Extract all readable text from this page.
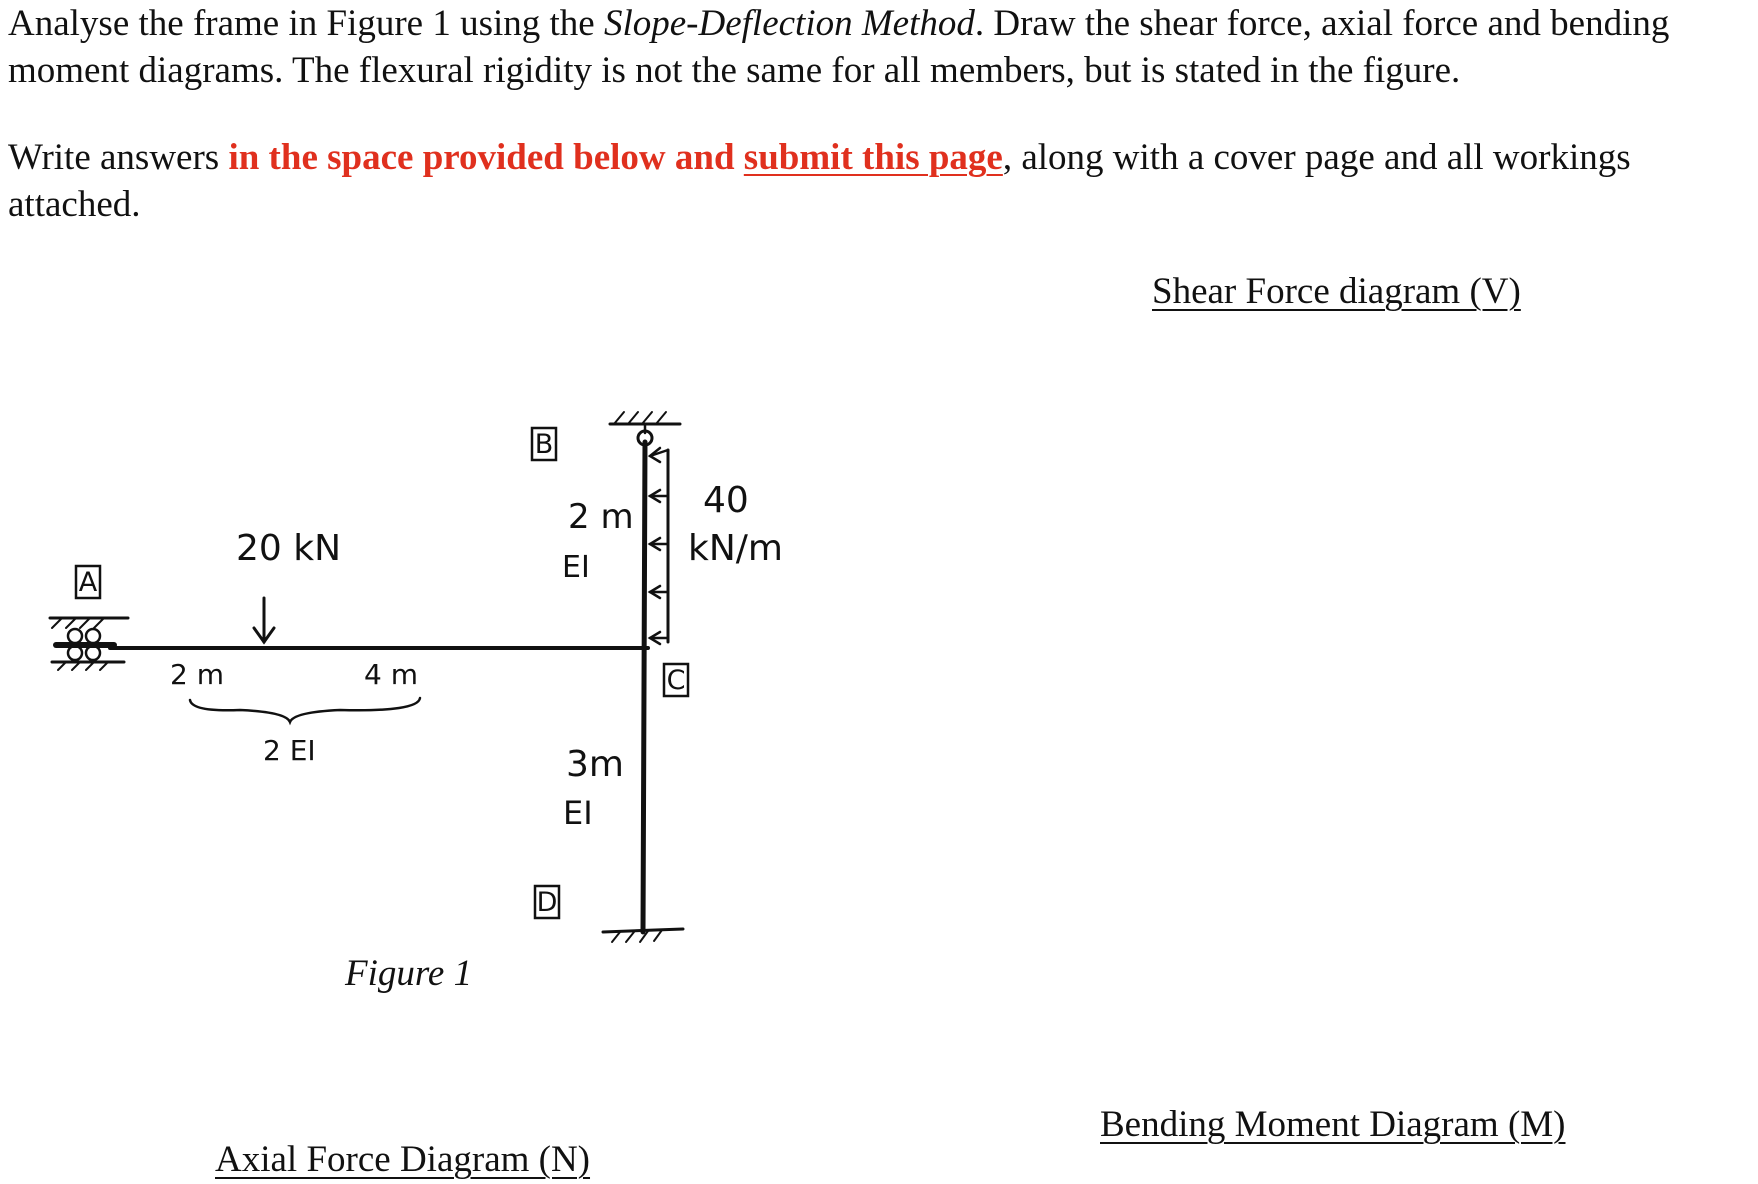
Analyse the frame in Figure 1 using the Slope-Deflection Method. Draw the shear force, axial force and bending moment diagrams. The flexural rigidity is not the same for all members, but is stated in the figure.
Write answers in the space provided below and submit this page, along with a cover page and all workings attached.
Shear Force diagram (V)
Axial Force Diagram (N)
Bending Moment Diagram (M)
A
B
C
D
20 kN
40
kN/m
2 m	4 m
2 EI
2 m
EI
3m
EI
Figure 1
